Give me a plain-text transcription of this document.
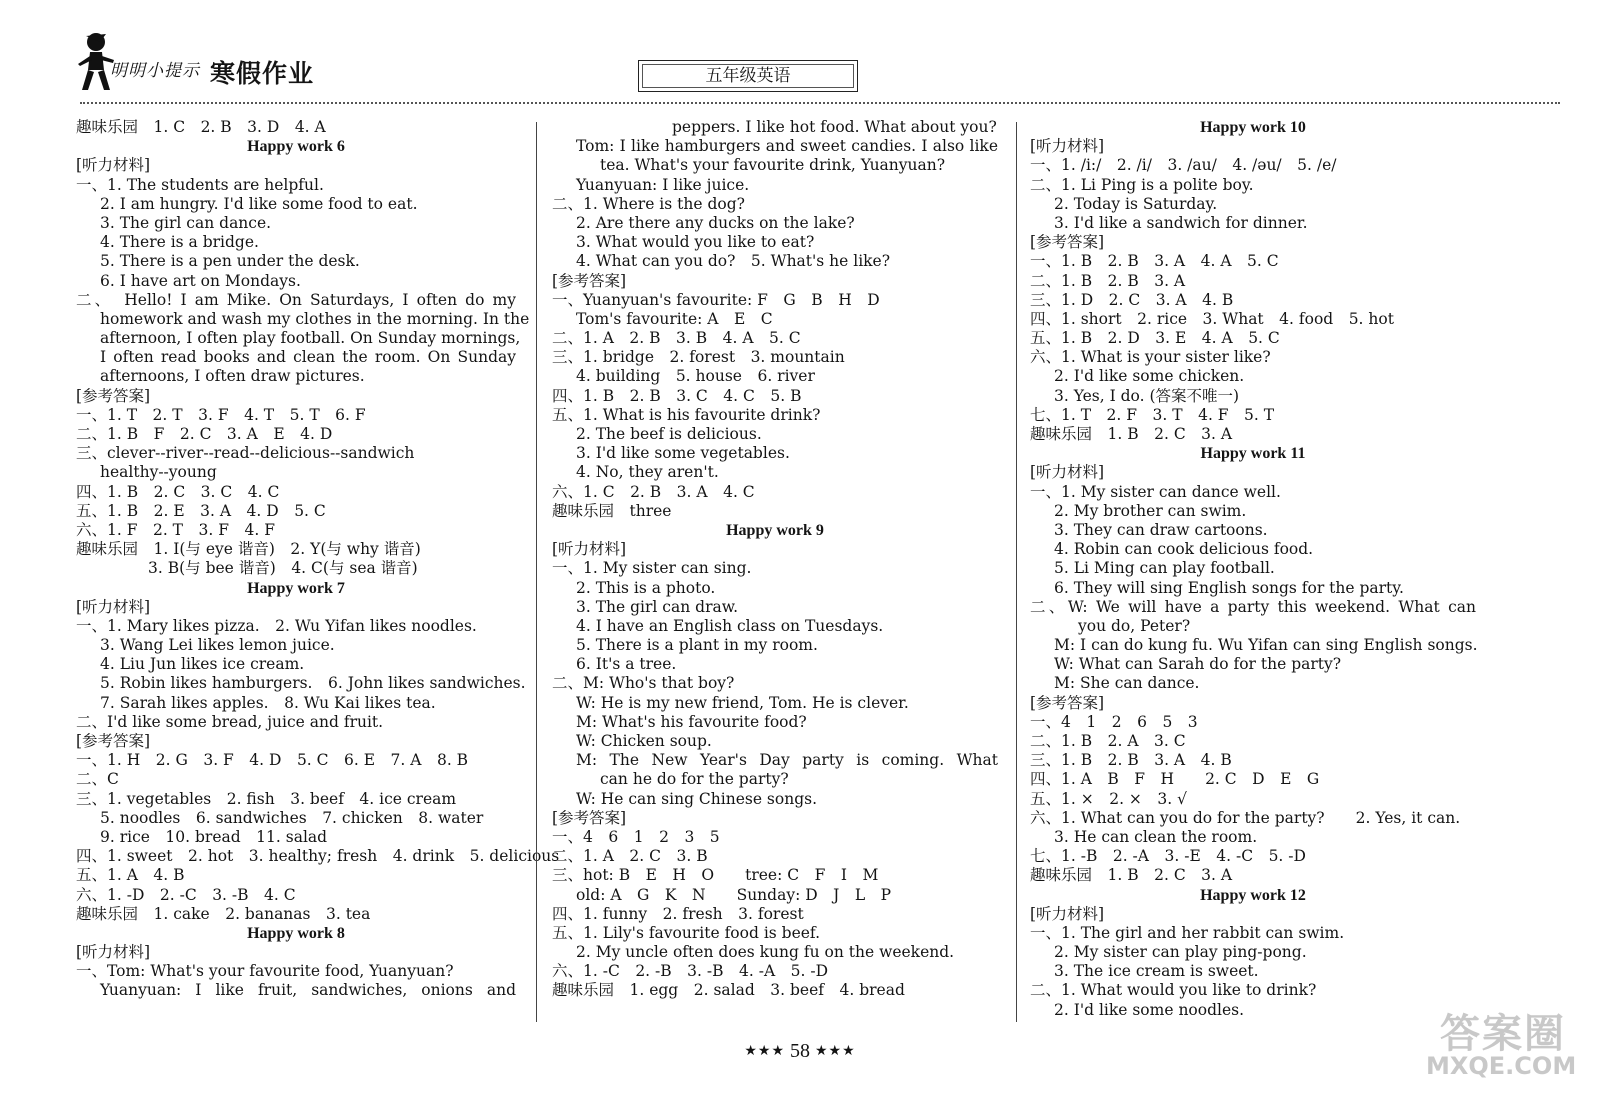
明明小提示 寒假作业	五年级英语
趣味乐园　1. C　2. B　3. D　4. A
Happy work 6
[听力材料]
一、1. The students are helpful.
2. I am hungry. I'd like some food to eat.
3. The girl can dance.
4. There is a bridge.
5. There is a pen under the desk.
6. I have art on Mondays.
二、　Hello! I am Mike. On Saturdays, I often do my
homework and wash my clothes in the morning. In the
afternoon, I often play football. On Sunday mornings,
I often read books and clean the room. On Sunday
afternoons, I often draw pictures.
[参考答案]
一、1. T　2. T　3. F　4. T　5. T　6. F
二、1. B　F　2. C　3. A　E　4. D
三、clever--river--read--delicious--sandwich
healthy--young
四、1. B　2. C　3. C　4. C
五、1. B　2. E　3. A　4. D　5. C
六、1. F　2. T　3. F　4. F
趣味乐园　1. I(与 eye 谐音)　2. Y(与 why 谐音)
3. B(与 bee 谐音)　4. C(与 sea 谐音)
Happy work 7
[听力材料]
一、1. Mary likes pizza.　2. Wu Yifan likes noodles.
3. Wang Lei likes lemon juice.
4. Liu Jun likes ice cream.
5. Robin likes hamburgers.　6. John likes sandwiches.
7. Sarah likes apples.　8. Wu Kai likes tea.
二、I'd like some bread, juice and fruit.
[参考答案]
一、1. H　2. G　3. F　4. D　5. C　6. E　7. A　8. B
二、C
三、1. vegetables　2. fish　3. beef　4. ice cream
5. noodles　6. sandwiches　7. chicken　8. water
9. rice　10. bread　11. salad
四、1. sweet　2. hot　3. healthy; fresh　4. drink　5. delicious
五、1. A　4. B
六、1. -D　2. -C　3. -B　4. C
趣味乐园　1. cake　2. bananas　3. tea
Happy work 8
[听力材料]
一、Tom: What's your favourite food, Yuanyuan?
Yuanyuan: I like fruit, sandwiches, onions and
peppers. I like hot food. What about you?
Tom: I like hamburgers and sweet candies. I also like
tea. What's your favourite drink, Yuanyuan?
Yuanyuan: I like juice.
二、1. Where is the dog?
2. Are there any ducks on the lake?
3. What would you like to eat?
4. What can you do?　5. What's he like?
[参考答案]
一、Yuanyuan's favourite: F　G　B　H　D
Tom's favourite: A　E　C
二、1. A　2. B　3. B　4. A　5. C
三、1. bridge　2. forest　3. mountain
4. building　5. house　6. river
四、1. B　2. B　3. C　4. C　5. B
五、1. What is his favourite drink?
2. The beef is delicious.
3. I'd like some vegetables.
4. No, they aren't.
六、1. C　2. B　3. A　4. C
趣味乐园　three
Happy work 9
[听力材料]
一、1. My sister can sing.
2. This is a photo.
3. The girl can draw.
4. I have an English class on Tuesdays.
5. There is a plant in my room.
6. It's a tree.
二、M: Who's that boy?
W: He is my new friend, Tom. He is clever.
M: What's his favourite food?
W: Chicken soup.
M: The New Year's Day party is coming. What
can he do for the party?
W: He can sing Chinese songs.
[参考答案]
一、4　6　1　2　3　5
二、1. A　2. C　3. B
三、hot: B　E　H　O　　tree: C　F　I　M
old: A　G　K　N　　Sunday: D　J　L　P
四、1. funny　2. fresh　3. forest
五、1. Lily's favourite food is beef.
2. My uncle often does kung fu on the weekend.
六、1. -C　2. -B　3. -B　4. -A　5. -D
趣味乐园　1. egg　2. salad　3. beef　4. bread
Happy work 10
[听力材料]
一、1. /i:/　2. /i/　3. /au/　4. /əu/　5. /e/
二、1. Li Ping is a polite boy.
2. Today is Saturday.
3. I'd like a sandwich for dinner.
[参考答案]
一、1. B　2. B　3. A　4. A　5. C
二、1. B　2. B　3. A
三、1. D　2. C　3. A　4. B
四、1. short　2. rice　3. What　4. food　5. hot
五、1. B　2. D　3. E　4. A　5. C
六、1. What is your sister like?
2. I'd like some chicken.
3. Yes, I do. (答案不唯一)
七、1. T　2. F　3. T　4. F　5. T
趣味乐园　1. B　2. C　3. A
Happy work 11
[听力材料]
一、1. My sister can dance well.
2. My brother can swim.
3. They can draw cartoons.
4. Robin can cook delicious food.
5. Li Ming can play football.
6. They will sing English songs for the party.
二、W: We will have a party this weekend. What can
you do, Peter?
M: I can do kung fu. Wu Yifan can sing English songs.
W: What can Sarah do for the party?
M: She can dance.
[参考答案]
一、4　1　2　6　5　3
二、1. B　2. A　3. C
三、1. B　2. B　3. A　4. B
四、1. A　B　F　H　　2. C　D　E　G
五、1. ×　2. ×　3. √
六、1. What can you do for the party?　　2. Yes, it can.
3. He can clean the room.
七、1. -B　2. -A　3. -E　4. -C　5. -D
趣味乐园　1. B　2. C　3. A
Happy work 12
[听力材料]
一、1. The girl and her rabbit can swim.
2. My sister can play ping-pong.
3. The ice cream is sweet.
二、1. What would you like to drink?
2. I'd like some noodles.
★★★ 58 ★★★	答案圈
MXQE.COM
